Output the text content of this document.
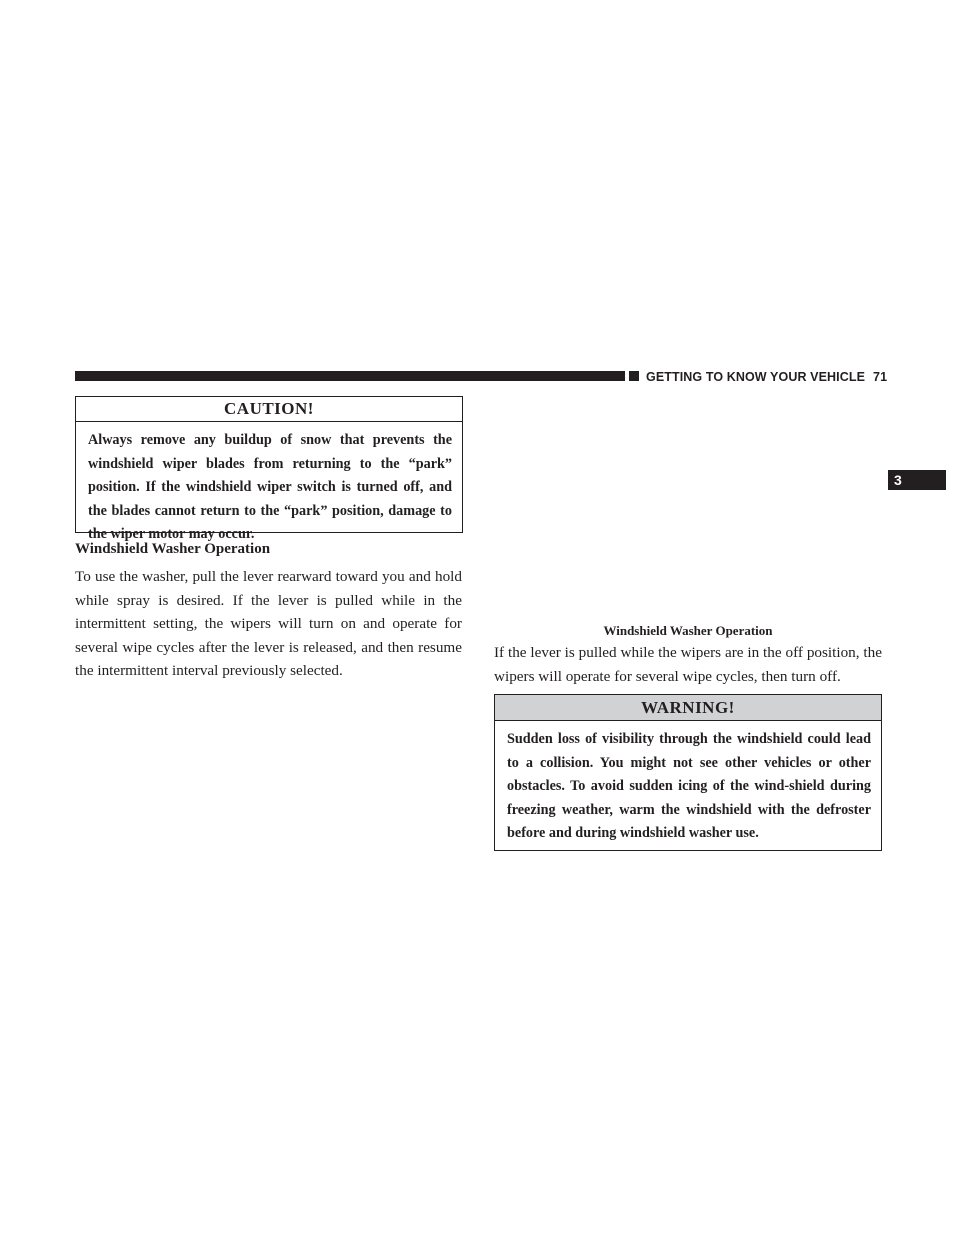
GETTING TO KNOW YOUR VEHICLE 71
3
CAUTION!
Always remove any buildup of snow that prevents the windshield wiper blades from returning to the “park” position. If the windshield wiper switch is turned off, and the blades cannot return to the “park” position, damage to the wiper motor may occur.
Windshield Washer Operation
To use the washer, pull the lever rearward toward you and hold while spray is desired. If the lever is pulled while in the intermittent setting, the wipers will turn on and operate for several wipe cycles after the lever is released, and then resume the intermittent interval previously selected.
Windshield Washer Operation
If the lever is pulled while the wipers are in the off position, the wipers will operate for several wipe cycles, then turn off.
WARNING!
Sudden loss of visibility through the windshield could lead to a collision. You might not see other vehicles or other obstacles. To avoid sudden icing of the wind-shield during freezing weather, warm the windshield with the defroster before and during windshield washer use.
